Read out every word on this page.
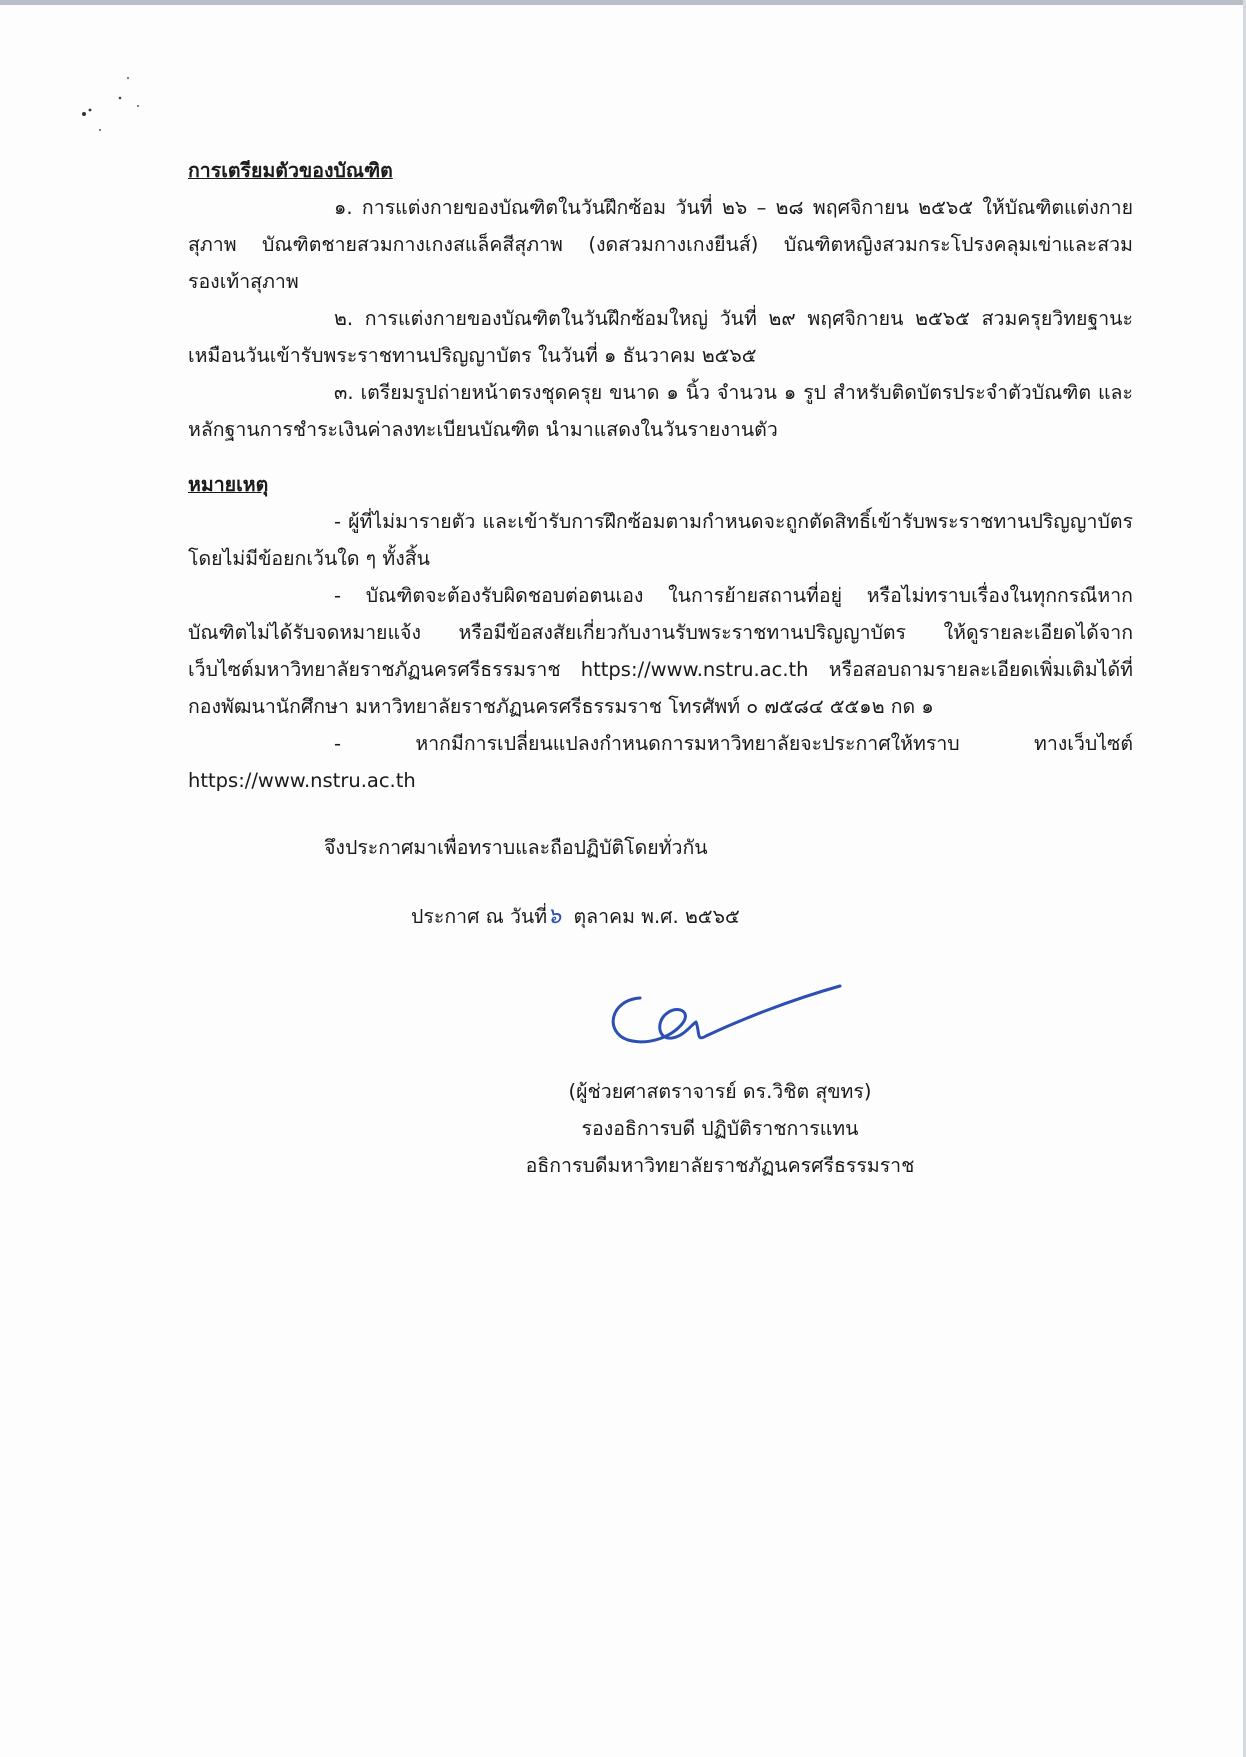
การเตรียมตัวของบัณฑิต

๑. การแต่งกายของบัณฑิตในวันฝึกซ้อม วันที่ ๒๖ – ๒๘ พฤศจิกายน ๒๕๖๕ ให้บัณฑิตแต่งกายสุภาพ บัณฑิตชายสวมกางเกงสแล็คสีสุภาพ (งดสวมกางเกงยีนส์) บัณฑิตหญิงสวมกระโปรงคลุมเข่าและสวมรองเท้าสุภาพ

๒. การแต่งกายของบัณฑิตในวันฝึกซ้อมใหญ่ วันที่ ๒๙ พฤศจิกายน ๒๕๖๕ สวมครุยวิทยฐานะ เหมือนวันเข้ารับพระราชทานปริญญาบัตร ในวันที่ ๑ ธันวาคม ๒๕๖๕

๓. เตรียมรูปถ่ายหน้าตรงชุดครุย ขนาด ๑ นิ้ว จำนวน ๑ รูป สำหรับติดบัตรประจำตัวบัณฑิต และหลักฐานการชำระเงินค่าลงทะเบียนบัณฑิต นำมาแสดงในวันรายงานตัว

หมายเหตุ

- ผู้ที่ไม่มารายตัว และเข้ารับการฝึกซ้อมตามกำหนดจะถูกตัดสิทธิ์เข้ารับพระราชทานปริญญาบัตร โดยไม่มีข้อยกเว้นใด ๆ ทั้งสิ้น

- บัณฑิตจะต้องรับผิดชอบต่อตนเอง ในการย้ายสถานที่อยู่ หรือไม่ทราบเรื่องในทุกกรณีหากบัณฑิตไม่ได้รับจดหมายแจ้ง หรือมีข้อสงสัยเกี่ยวกับงานรับพระราชทานปริญญาบัตร ให้ดูรายละเอียดได้จากเว็บไซต์มหาวิทยาลัยราชภัฏนครศรีธรรมราช https://www.nstru.ac.th หรือสอบถามรายละเอียดเพิ่มเติมได้ที่ กองพัฒนานักศึกษา มหาวิทยาลัยราชภัฏนครศรีธรรมราช โทรศัพท์ ๐ ๗๕๘๔ ๕๕๑๒ กด ๑

- หากมีการเปลี่ยนแปลงกำหนดการมหาวิทยาลัยจะประกาศให้ทราบ ทางเว็บไซต์ https://www.nstru.ac.th

จึงประกาศมาเพื่อทราบและถือปฏิบัติโดยทั่วกัน
ประกาศ ณ วันที่๖ ตุลาคม พ.ศ. ๒๕๖๕
(ผู้ช่วยศาสตราจารย์ ดร.วิชิต สุขทร)
รองอธิการบดี ปฏิบัติราชการแทน
อธิการบดีมหาวิทยาลัยราชภัฏนครศรีธรรมราช
